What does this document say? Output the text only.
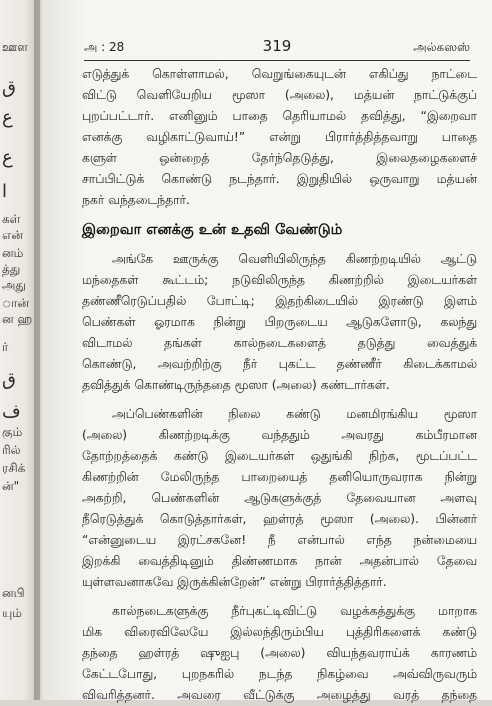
ஊள
ق
ع
ع
ا
கள்
என்
னம்
த்து
அது
ான்
ன ஹ
ர்
ق
ف
கும்
ரில்
ரசிக்
ன்"
னபி
யும்
அ : 28	319	அல்கஸஸ்
எடுத்துக் கொள்ளாமல், வெறுங்கையுடன் எகிப்து நாட்டை
விட்டு வெளியேறிய மூஸா (அலை), மத்யன் நாட்டுக்குப்
புறப்பட்டார். எனினும் பாதை தெரியாமல் தவித்து, “இறைவா
எனக்கு வழிகாட்டுவாய்!” என்று பிரார்த்தித்தவாறு பாதை
களுள் ஒன்றைத் தேர்ந்தெடுத்து, இலைதழைகளைச்
சாப்பிட்டுக் கொண்டு நடந்தார். இறுதியில் ஒருவாறு மத்யன்
நகர் வந்தடைந்தார்.
இறைவா எனக்கு உன் உதவி வேண்டும்
அங்கே ஊருக்கு வெளியிலிருந்த கிணற்றடியில் ஆட்டு
மந்தைகள் கூட்டம்; நடுவிலிருந்த கிணற்றில் இடையர்கள்
தண்ணீரெடுப்பதில் போட்டி; இதற்கிடையில் இரண்டு இளம்
பெண்கள் ஓரமாக நின்று பிறருடைய ஆடுகளோடு, கலந்து
விடாமல் தங்கள் கால்நடைகளைத் தடுத்து வைத்துக்
கொண்டு, அவற்றிற்கு நீர் புகட்ட தண்ணீர் கிடைக்காமல்
தவித்துக் கொண்டிருந்ததை மூஸா (அலை) கண்டார்கள்.
அப்பெண்களின் நிலை கண்டு மனமிரங்கிய மூஸா
(அலை) கிணற்றடிக்கு வந்ததும் அவரது கம்பீரமான
தோற்றத்தைக் கண்டு இடையர்கள் ஒதுங்கி நிற்க, மூடப்பட்ட
கிணற்றின் மேலிருந்த பாறையைத் தனியொருவராக நின்று
அகற்றி, பெண்களின் ஆடுகளுக்குத் தேவையான அளவு
நீரெடுத்துக் கொடுத்தார்கள், ஹள்ரத் மூஸா (அலை). பின்னர்
“என்னுடைய இரட்சகனே! நீ என்பால் எந்த நன்மையை
இறக்கி வைத்திடினும் திண்ணமாக நான் அதன்பால் தேவை
யுள்ளவனாகவே இருக்கின்றேன்” என்று பிரார்த்தித்தார்.
கால்நடைகளுக்கு நீர்புகட்டிவிட்டு வழக்கத்துக்கு மாறாக
மிக விரைவிலேயே இல்லந்திரும்பிய புத்திரிகளைக் கண்டு
தந்தை ஹள்ரத் ஷுஐபு (அலை) வியந்தவராய்க் காரணம்
கேட்டபோது, புறநகரில் நடந்த நிகழ்வை அவ்விருவரும்
விவரித்தனர். அவரை வீட்டுக்கு அழைத்து வரத் தந்தை
